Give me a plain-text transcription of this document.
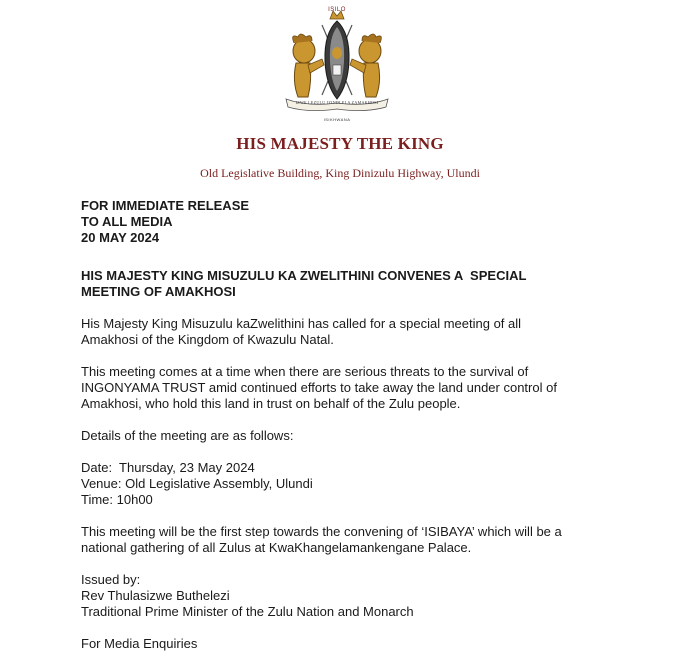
ISILO
IZWE LEZULU IZINDLELA ZAMAKHOSI
ISIKHWANA
HIS MAJESTY THE KING
Old Legislative Building, King Dinizulu Highway, Ulundi
FOR IMMEDIATE RELEASE
TO ALL MEDIA
20 MAY 2024
HIS MAJESTY KING MISUZULU KA ZWELITHINI CONVENES A  SPECIAL
MEETING OF AMAKHOSI
His Majesty King Misuzulu kaZwelithini has called for a special meeting of all
Amakhosi of the Kingdom of Kwazulu Natal.
This meeting comes at a time when there are serious threats to the survival of
INGONYAMA TRUST amid continued efforts to take away the land under control of
Amakhosi, who hold this land in trust on behalf of the Zulu people.
Details of the meeting are as follows:
Date:  Thursday, 23 May 2024
Venue: Old Legislative Assembly, Ulundi
Time: 10h00
This meeting will be the first step towards the convening of ‘ISIBAYA’ which will be a
national gathering of all Zulus at KwaKhangelamankengane Palace.
Issued by:
Rev Thulasizwe Buthelezi
Traditional Prime Minister of the Zulu Nation and Monarch
For Media Enquiries
